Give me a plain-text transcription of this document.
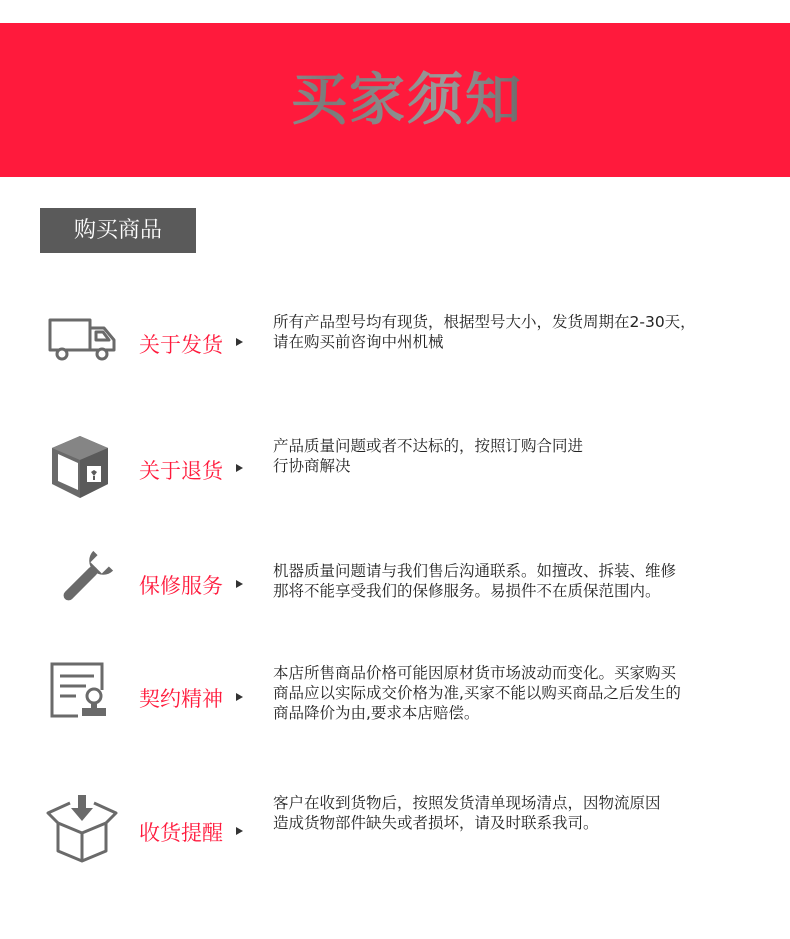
买家须知
购买商品
关于发货
所有产品型号均有现货，根据型号大小，发货周期在2-30天，
请在购买前咨询中州机械
关于退货
产品质量问题或者不达标的，按照订购合同进
行协商解决
保修服务
机器质量问题请与我们售后沟通联系。如擅改、拆装、维修
那将不能享受我们的保修服务。易损件不在质保范围内。
契约精神
本店所售商品价格可能因原材货市场波动而变化。买家购买
商品应以实际成交价格为准,买家不能以购买商品之后发生的
商品降价为由,要求本店赔偿。
收货提醒
客户在收到货物后，按照发货清单现场清点，因物流原因
造成货物部件缺失或者损坏，请及时联系我司。
